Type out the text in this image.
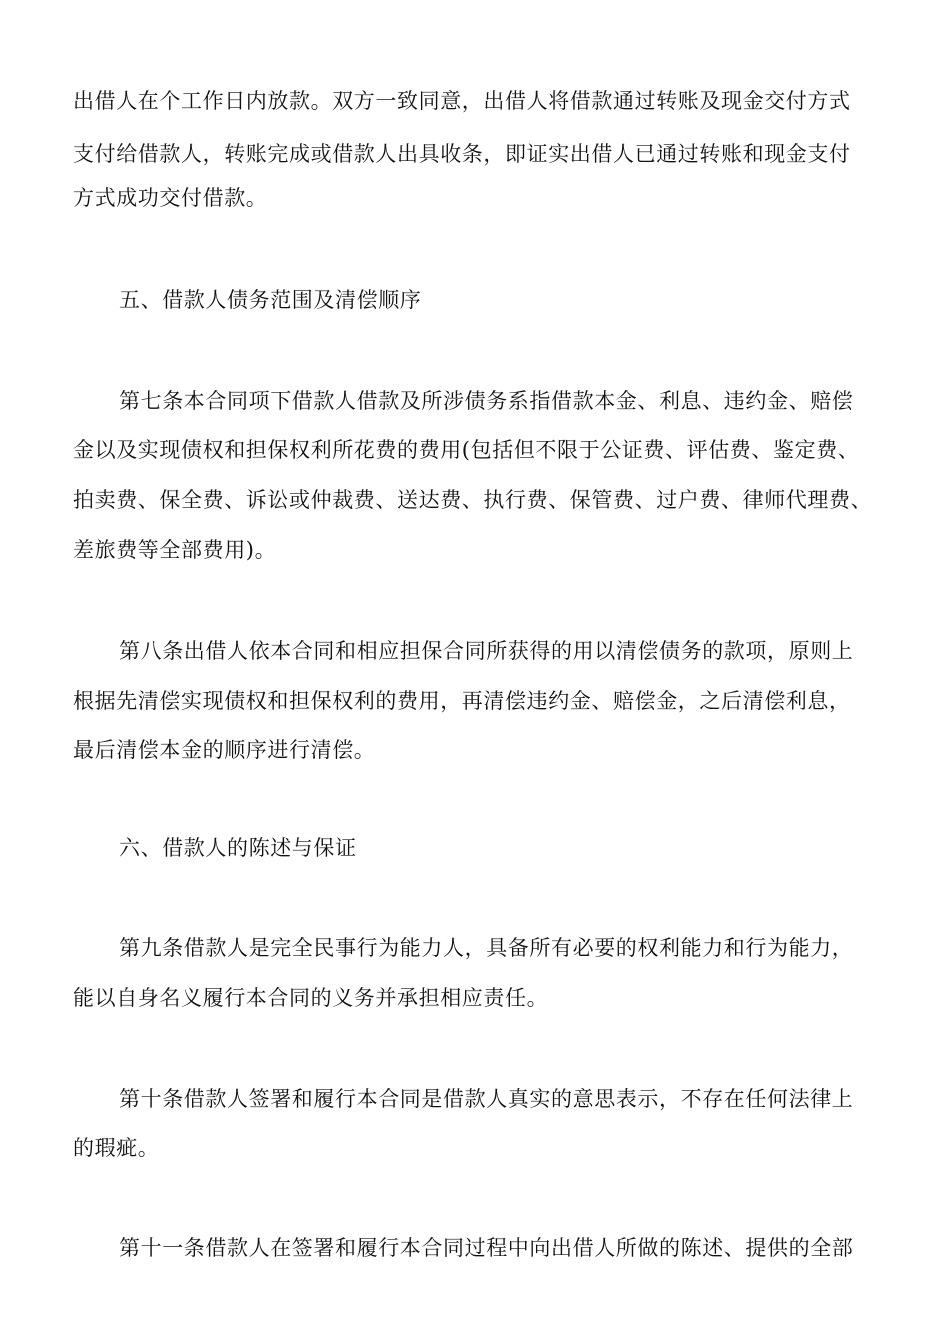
出借人在个工作日内放款。双方一致同意，出借人将借款通过转账及现金交付方式
支付给借款人，转账完成或借款人出具收条，即证实出借人已通过转账和现金支付
方式成功交付借款。
五、借款人债务范围及清偿顺序
第七条本合同项下借款人借款及所涉债务系指借款本金、利息、违约金、赔偿
金以及实现债权和担保权利所花费的费用(包括但不限于公证费、评估费、鉴定费、
拍卖费、保全费、诉讼或仲裁费、送达费、执行费、保管费、过户费、律师代理费、
差旅费等全部费用)。
第八条出借人依本合同和相应担保合同所获得的用以清偿债务的款项，原则上
根据先清偿实现债权和担保权利的费用，再清偿违约金、赔偿金，之后清偿利息，
最后清偿本金的顺序进行清偿。
六、借款人的陈述与保证
第九条借款人是完全民事行为能力人，具备所有必要的权利能力和行为能力，
能以自身名义履行本合同的义务并承担相应责任。
第十条借款人签署和履行本合同是借款人真实的意思表示，不存在任何法律上
的瑕疵。
第十一条借款人在签署和履行本合同过程中向出借人所做的陈述、提供的全部
